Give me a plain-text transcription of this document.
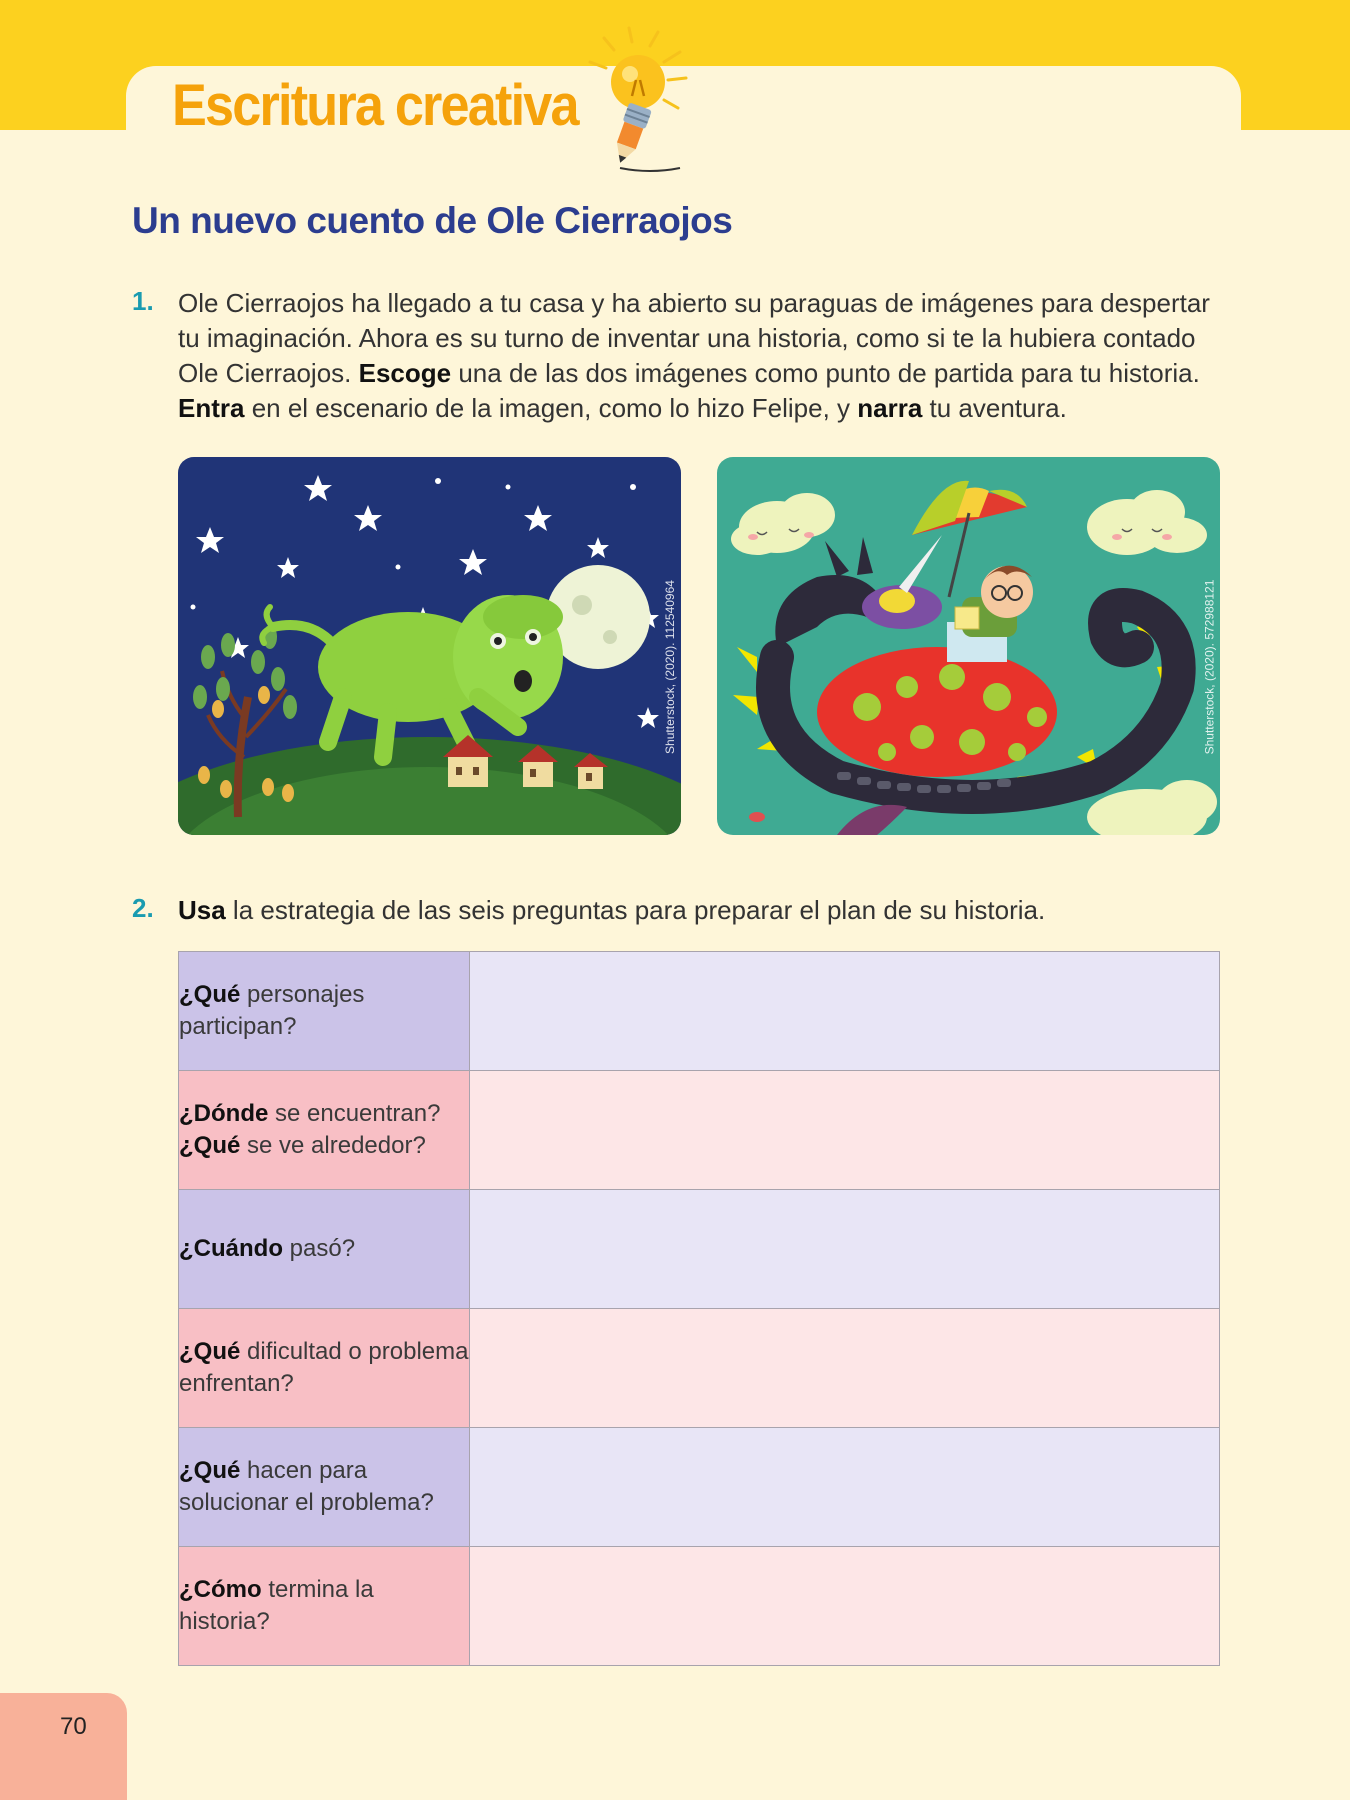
Escritura creativa
Un nuevo cuento de Ole Cierraojos
1. Ole Cierraojos ha llegado a tu casa y ha abierto su paraguas de imágenes para despertar tu imaginación. Ahora es su turno de inventar una historia, como si te la hubiera contado Ole Cierraojos. Escoge una de las dos imágenes como punto de partida para tu historia. Entra en el escenario de la imagen, como lo hizo Felipe, y narra tu aventura.
Shutterstock, (2020). 112540964	Shutterstock, (2020). 572988121
2. Usa la estrategia de las seis preguntas para preparar el plan de su historia.
¿Qué personajes participan?	
¿Dónde se encuentran? ¿Qué se ve alrededor?	
¿Cuándo pasó?	
¿Qué dificultad o problema enfrentan?	
¿Qué hacen para solucionar el problema?	
¿Cómo termina la historia?	
70
